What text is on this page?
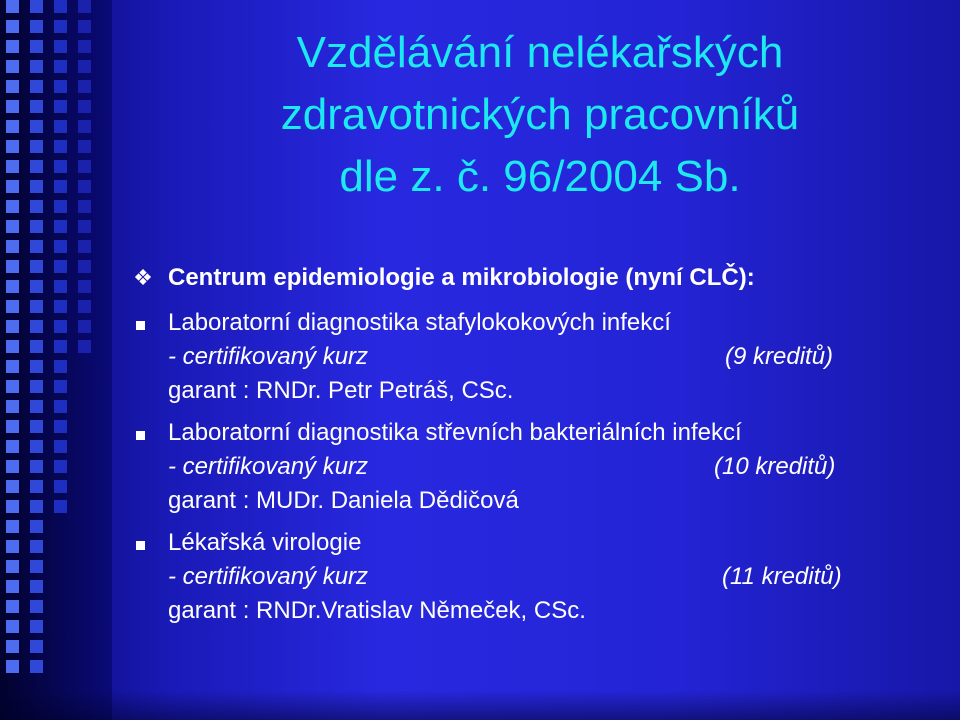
Vzdělávání nelékařských
zdravotnických pracovníků
dle z. č. 96/2004 Sb.
❖ Centrum epidemiologie a mikrobiologie (nyní CLČ):
Laboratorní diagnostika stafylokokových infekcí
- certifikovaný kurz	(9 kreditů)
garant : RNDr. Petr Petráš, CSc.
Laboratorní diagnostika střevních bakteriálních infekcí
- certifikovaný kurz	(10 kreditů)
garant : MUDr. Daniela Dědičová
Lékařská virologie
- certifikovaný kurz	(11 kreditů)
garant : RNDr.Vratislav Němeček, CSc.
